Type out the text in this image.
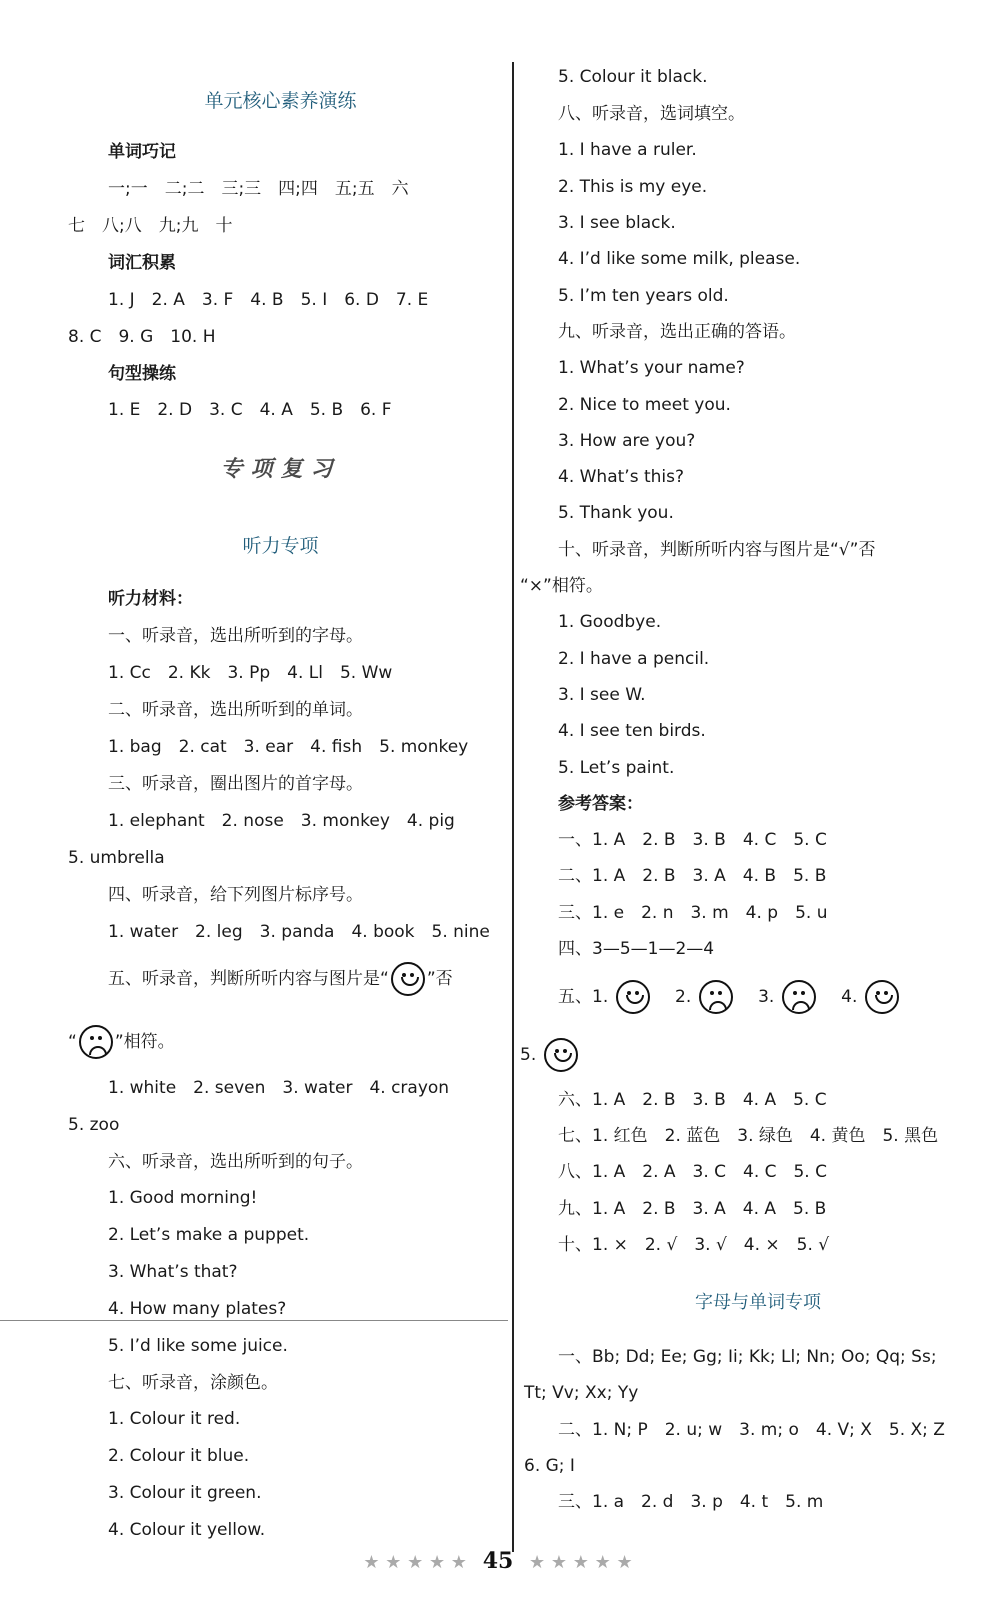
单元核心素养演练
单词巧记
一;一　二;二　三;三　四;四　五;五　六
七　八;八　九;九　十
词汇积累
1. J　2. A　3. F　4. B　5. I　6. D　7. E
8. C　9. G　10. H
句型操练
1. E　2. D　3. C　4. A　5. B　6. F
专项复习
听力专项
听力材料：
一、听录音，选出所听到的字母。
1. Cc　2. Kk　3. Pp　4. Ll　5. Ww
二、听录音，选出所听到的单词。
1. bag　2. cat　3. ear　4. fish　5. monkey
三、听录音，圈出图片的首字母。
1. elephant　2. nose　3. monkey　4. pig
5. umbrella
四、听录音，给下列图片标序号。
1. water　2. leg　3. panda　4. book　5. nine
五、听录音，判断所听内容与图片是“ ”否
“ ”相符。
1. white　2. seven　3. water　4. crayon
5. zoo
六、听录音，选出所听到的句子。
1. Good morning!
2. Let’s make a puppet.
3. What’s that?
4. How many plates?
5. I’d like some juice.
七、听录音，涂颜色。
1. Colour it red.
2. Colour it blue.
3. Colour it green.
4. Colour it yellow.
5. Colour it black.
八、听录音，选词填空。
1. I have a ruler.
2. This is my eye.
3. I see black.
4. I’d like some milk, please.
5. I’m ten years old.
九、听录音，选出正确的答语。
1. What’s your name?
2. Nice to meet you.
3. How are you?
4. What’s this?
5. Thank you.
十、听录音，判断所听内容与图片是“√”否
“×”相符。
1. Goodbye.
2. I have a pencil.
3. I see W.
4. I see ten birds.
5. Let’s paint.
参考答案：
一、1. A　2. B　3. B　4. C　5. C
二、1. A　2. B　3. A　4. B　5. B
三、1. e　2. n　3. m　4. p　5. u
四、3—5—1—2—4
五、1.	2.	3.	4.
5.
六、1. A　2. B　3. B　4. A　5. C
七、1. 红色　2. 蓝色　3. 绿色　4. 黄色　5. 黑色
八、1. A　2. A　3. C　4. C　5. C
九、1. A　2. B　3. A　4. A　5. B
十、1. ×　2. √　3. √　4. ×　5. √
字母与单词专项
一、Bb; Dd; Ee; Gg; Ii; Kk; Ll; Nn; Oo; Qq; Ss;
Tt; Vv; Xx; Yy
二、1. N; P　2. u; w　3. m; o　4. V; X　5. X; Z
6. G; I
三、1. a　2. d　3. p　4. t　5. m
★ ★ ★ ★ ★ 45 ★ ★ ★ ★ ★
